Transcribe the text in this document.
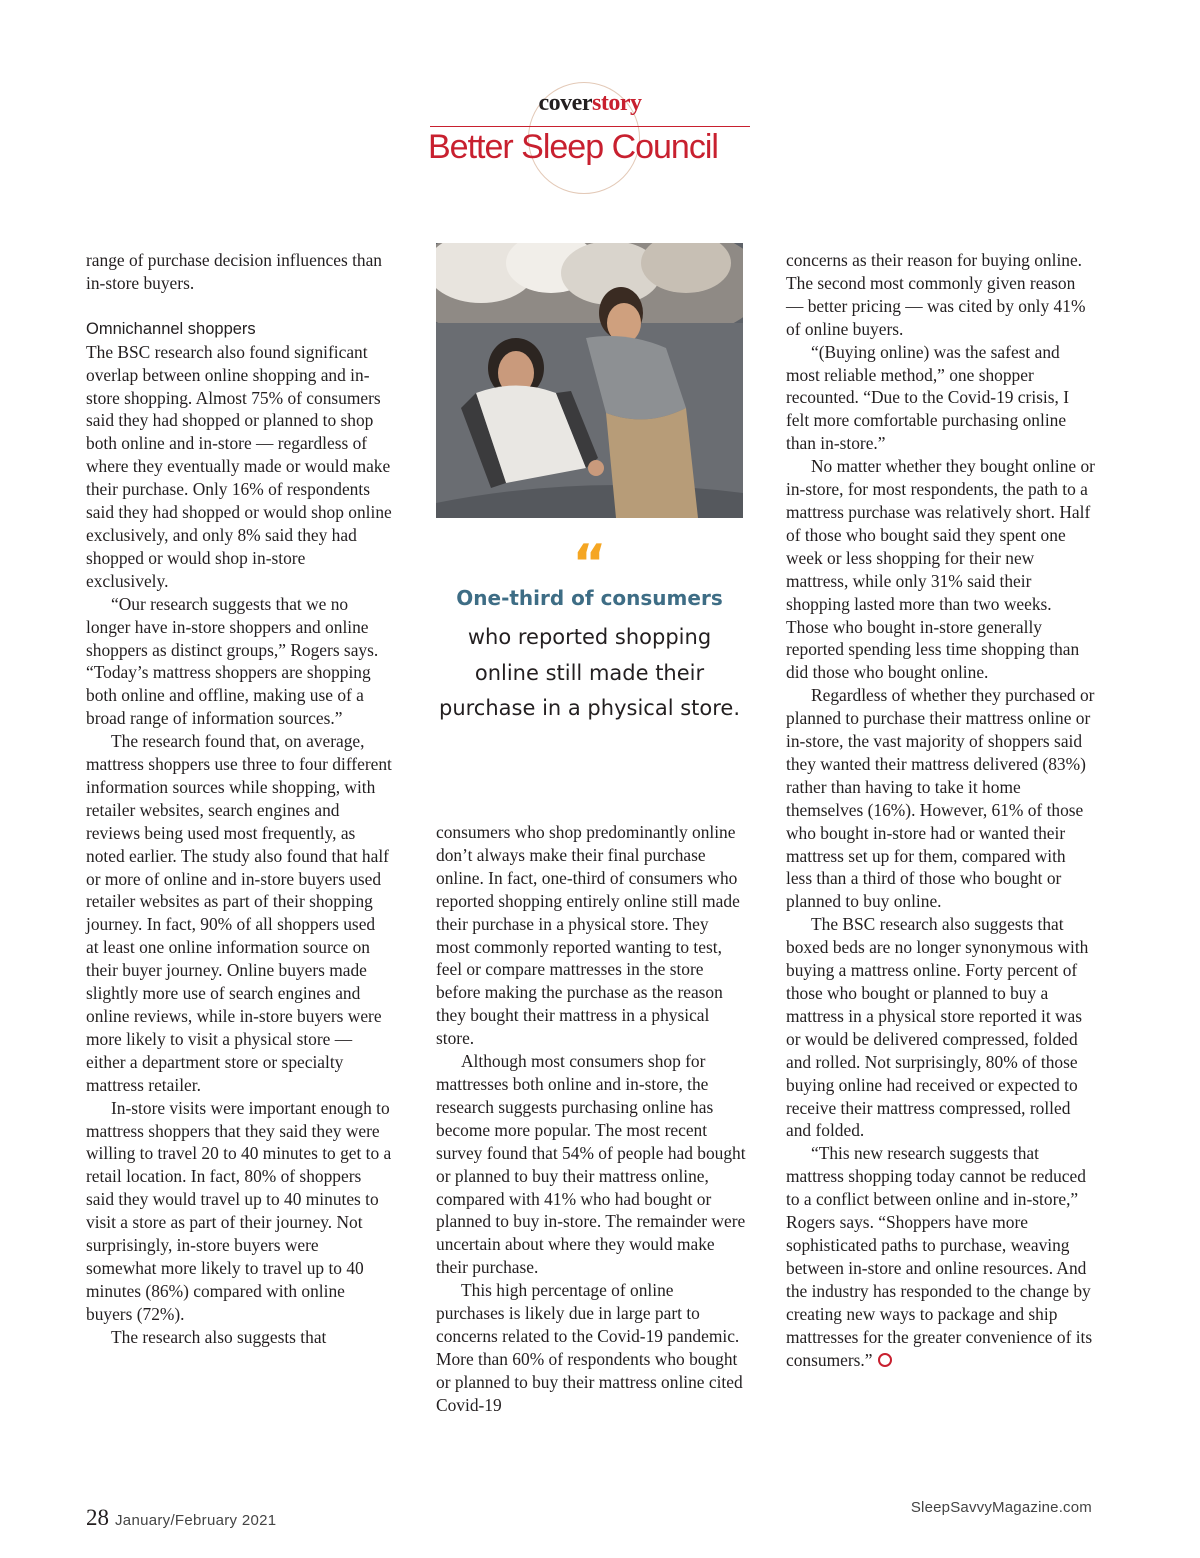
coverstory
Better Sleep Council

range of purchase decision influences than in-store buyers.

Omnichannel shoppers

The BSC research also found significant overlap between online shopping and in-store shopping. Almost 75% of consumers said they had shopped or planned to shop both online and in-store — regardless of where they eventually made or would make their purchase. Only 16% of respondents said they had shopped or would shop online exclusively, and only 8% said they had shopped or would shop in-store exclusively.

“Our research suggests that we no longer have in-store shoppers and online shoppers as distinct groups,” Rogers says. “Today’s mattress shoppers are shopping both online and offline, making use of a broad range of information sources.”

The research found that, on average, mattress shoppers use three to four different information sources while shopping, with retailer websites, search engines and reviews being used most frequently, as noted earlier. The study also found that half or more of online and in-store buyers used retailer websites as part of their shopping journey. In fact, 90% of all shoppers used at least one online information source on their buyer journey. Online buyers made slightly more use of search engines and online reviews, while in-store buyers were more likely to visit a physical store — either a department store or specialty mattress retailer.

In-store visits were important enough to mattress shoppers that they said they were willing to travel 20 to 40 minutes to get to a retail location. In fact, 80% of shoppers said they would travel up to 40 minutes to visit a store as part of their journey. Not surprisingly, in-store buyers were somewhat more likely to travel up to 40 minutes (86%) compared with online buyers (72%).

The research also suggests that

“
One-third of consumers
who reported shopping online still made their purchase in a physical store.

consumers who shop predominantly online don’t always make their final purchase online. In fact, one-third of consumers who reported shopping entirely online still made their purchase in a physical store. They most commonly reported wanting to test, feel or compare mattresses in the store before making the purchase as the reason they bought their mattress in a physical store.

Although most consumers shop for mattresses both online and in-store, the research suggests purchasing online has become more popular. The most recent survey found that 54% of people had bought or planned to buy their mattress online, compared with 41% who had bought or planned to buy in-store. The remainder were uncertain about where they would make their purchase.

This high percentage of online purchases is likely due in large part to concerns related to the Covid-19 pandemic. More than 60% of respondents who bought or planned to buy their mattress online cited Covid-19

concerns as their reason for buying online. The second most commonly given reason — better pricing — was cited by only 41% of online buyers.

“(Buying online) was the safest and most reliable method,” one shopper recounted. “Due to the Covid-19 crisis, I felt more comfortable purchasing online than in-store.”

No matter whether they bought online or in-store, for most respondents, the path to a mattress purchase was relatively short. Half of those who bought said they spent one week or less shopping for their new mattress, while only 31% said their shopping lasted more than two weeks. Those who bought in-store generally reported spending less time shopping than did those who bought online.

Regardless of whether they purchased or planned to purchase their mattress online or in-store, the vast majority of shoppers said they wanted their mattress delivered (83%) rather than having to take it home themselves (16%). However, 61% of those who bought in-store had or wanted their mattress set up for them, compared with less than a third of those who bought or planned to buy online.

The BSC research also suggests that boxed beds are no longer synonymous with buying a mattress online. Forty percent of those who bought or planned to buy a mattress in a physical store reported it was or would be delivered compressed, folded and rolled. Not surprisingly, 80% of those buying online had received or expected to receive their mattress compressed, rolled and folded.

“This new research suggests that mattress shopping today cannot be reduced to a conflict between online and in-store,” Rogers says. “Shoppers have more sophisticated paths to purchase, weaving between in-store and online resources. And the industry has responded to the change by creating new ways to package and ship mattresses for the greater convenience of its consumers.”

28 January/February 2021
SleepSavvyMagazine.com
